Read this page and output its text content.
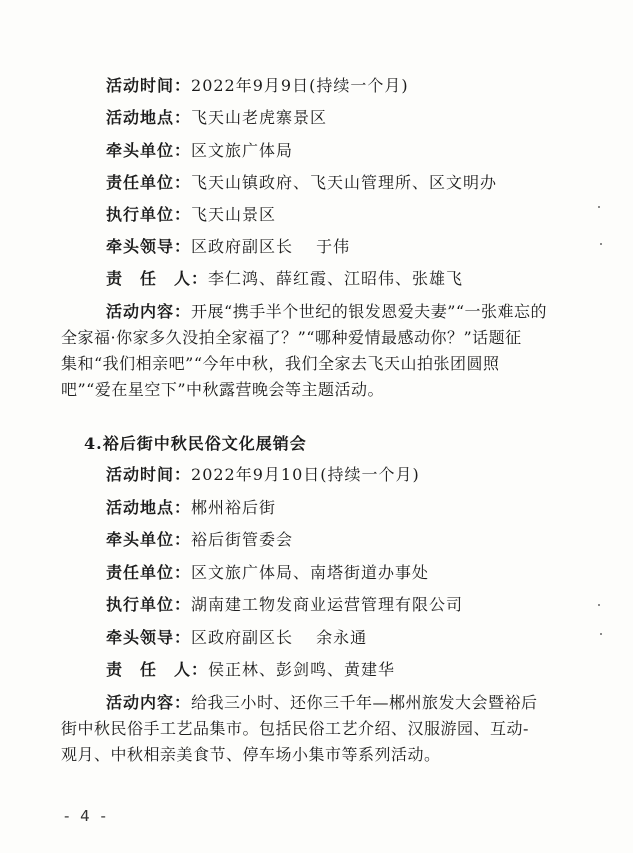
活动时间：2022年9月9日(持续一个月)
活动地点：飞天山老虎寨景区
牵头单位：区文旅广体局
责任单位：飞天山镇政府、飞天山管理所、区文明办
执行单位：飞天山景区
牵头领导：区政府副区长　 于伟
责　任　人：李仁鸿、薛红霞、江昭伟、张雄飞
活动内容：开展“携手半个世纪的银发恩爱夫妻”“一张难忘的
全家福·你家多久没拍全家福了？”“哪种爱情最感动你？”话题征
集和“我们相亲吧”“今年中秋，我们全家去飞天山拍张团圆照
吧”“爱在星空下”中秋露营晚会等主题活动。
4.裕后街中秋民俗文化展销会
活动时间：2022年9月10日(持续一个月)
活动地点：郴州裕后街
牵头单位：裕后街管委会
责任单位：区文旅广体局、南塔街道办事处
执行单位：湖南建工物发商业运营管理有限公司
牵头领导：区政府副区长　 余永通
责　任　人：侯正林、彭剑鸣、黄建华
活动内容：给我三小时、还你三千年—郴州旅发大会暨裕后
街中秋民俗手工艺品集市。包括民俗工艺介绍、汉服游园、互动-
观月、中秋相亲美食节、停车场小集市等系列活动。
- 4 -
